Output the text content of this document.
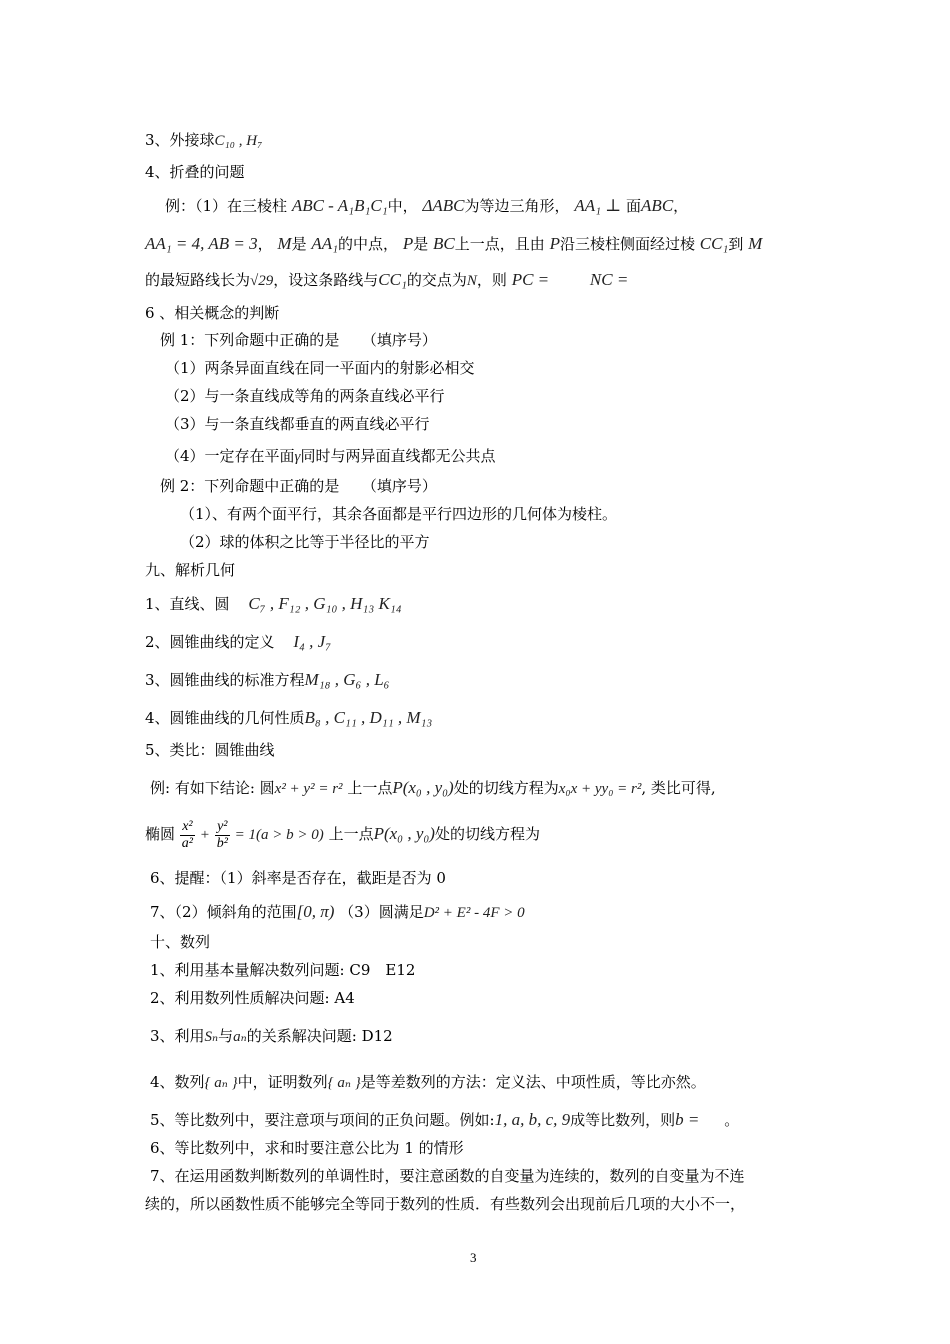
3、外接球C₁₀ , H₇
4、折叠的问题
例：（1）在三棱柱 ABC - A₁B₁C₁中， ΔABC为等边三角形， AA₁ ⊥ 面ABC，
AA₁ = 4, AB = 3， M是 AA₁的中点， P是 BC上一点，且由 P沿三棱柱侧面经过棱 CC₁到 M
的最短路线长为√29，设这条路线与CC₁的交点为N，则 PC = NC =
6 、相关概念的判断
例 1：下列命题中正确的是　　（填序号）
（1）两条异面直线在同一平面内的射影必相交
（2）与一条直线成等角的两条直线必平行
（3）与一条直线都垂直的两直线必平行
（4）一定存在平面γ同时与两异面直线都无公共点
例 2：下列命题中正确的是　　（填序号）
（1）、有两个面平行，其余各面都是平行四边形的几何体为棱柱。
（2）球的体积之比等于半径比的平方
九、解析几何
1、直线、圆 C₇ , F₁₂ , G₁₀ , H₁₃ K₁₄
2、圆锥曲线的定义 I₄ , J₇
3、圆锥曲线的标准方程M₁₈ , G₆ , L₆
4、圆锥曲线的几何性质B₈ , C₁₁ , D₁₁ , M₁₃
5、类比：圆锥曲线
例: 有如下结论: 圆x² + y² = r² 上一点P(x₀ , y₀)处的切线方程为x₀x + yy₀ = r², 类比可得,
椭圆 $\frac{\text{x²}}{\text{a²}} + \frac{\text{y²}}{\text{b²}} = 1(a > b > 0)$ 上一点P(x₀ , y₀)处的切线方程为
6、提醒：（1）斜率是否存在，截距是否为 0
7、（2）倾斜角的范围[0, π) （3）圆满足D² + E² - 4F > 0
十、数列
1、利用基本量解决数列问题: C9　E12
2、利用数列性质解决问题: A4
3、利用Sₙ与aₙ的关系解决问题: D12
4、数列{ aₙ }中，证明数列{ aₙ }是等差数列的方法：定义法、中项性质，等比亦然。
5、等比数列中，要注意项与项间的正负问题。例如:1, a, b, c, 9成等比数列，则b = 。
6、等比数列中，求和时要注意公比为 1 的情形
7、在运用函数判断数列的单调性时，要注意函数的自变量为连续的，数列的自变量为不连
续的，所以函数性质不能够完全等同于数列的性质．有些数列会出现前后几项的大小不一，
3
